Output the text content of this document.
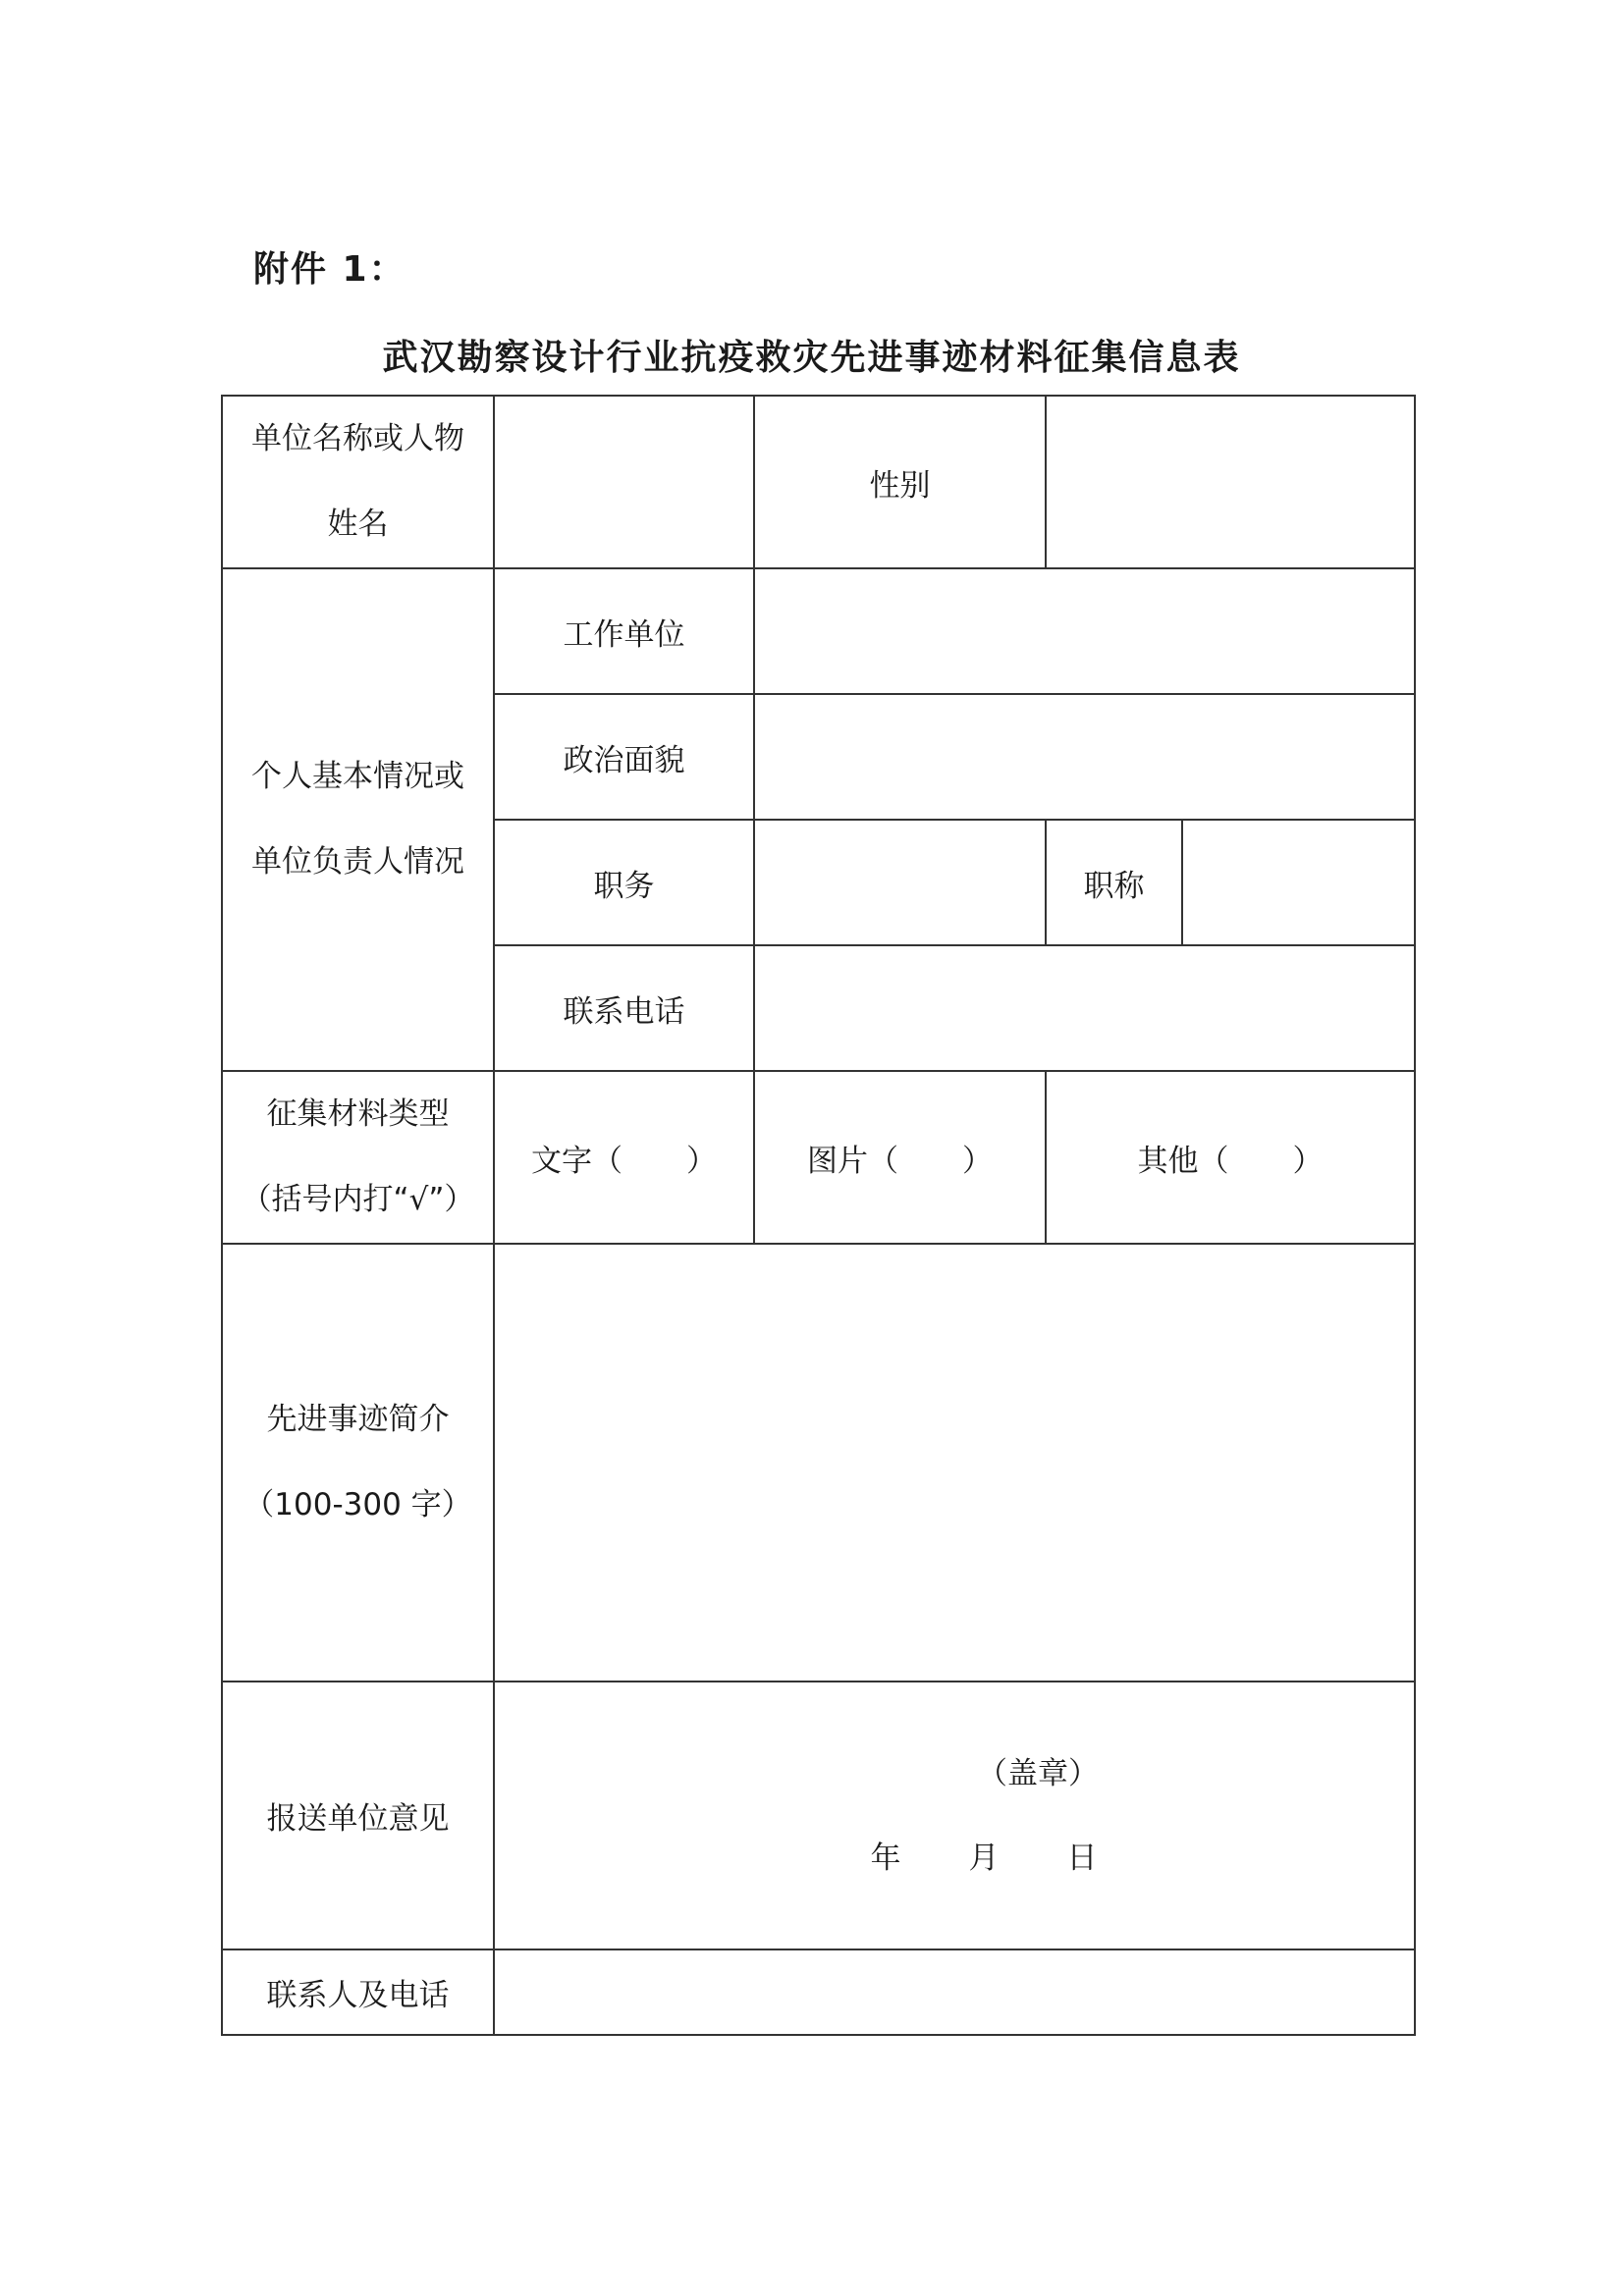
附件 1：
武汉勘察设计行业抗疫救灾先进事迹材料征集信息表
单位名称或人物
姓名		性别		

个人基本情况或
单位负责人情况	工作单位			
	政治面貌			
	职务		职称	
	联系电话			

征集材料类型
（括号内打“√”）	文字（ ）	图片（ ）	其他（ ）	

先进事迹简介
（100-300 字）				

报送单位意见	（盖章）
年 月 日			

联系人及电话				
